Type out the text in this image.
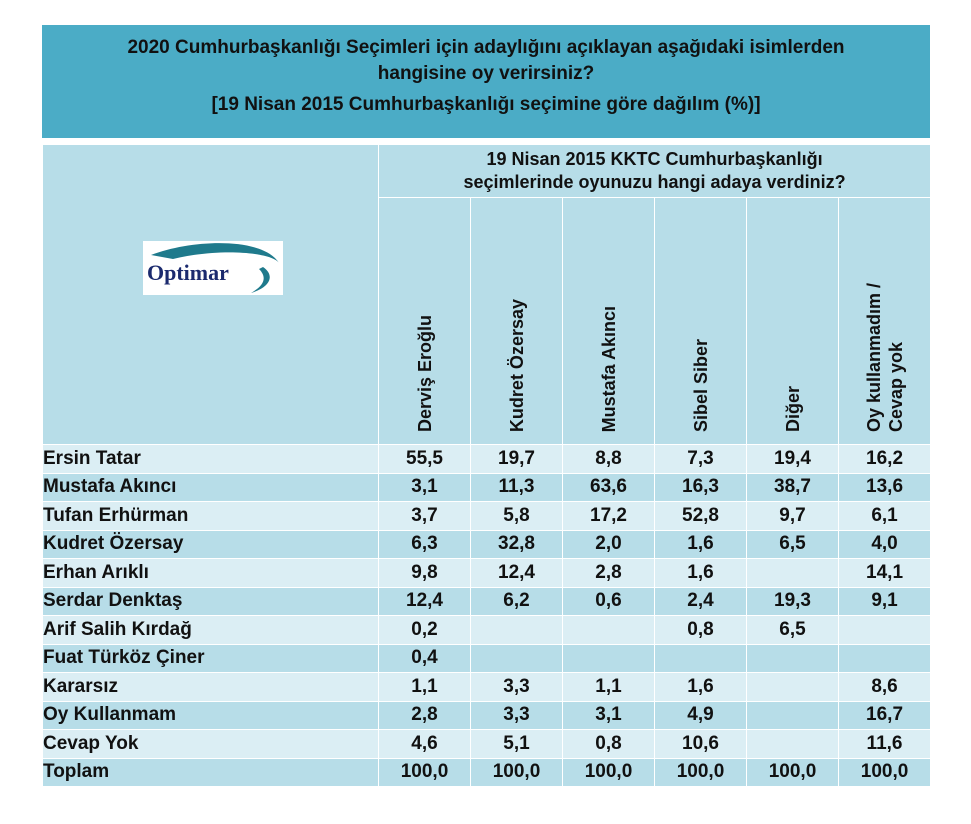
2020 Cumhurbaşkanlığı Seçimleri için adaylığını açıklayan aşağıdaki isimlerden
hangisine oy verirsiniz?
[19 Nisan 2015 Cumhurbaşkanlığı seçimine göre dağılım (%)]
Optimar	19 Nisan 2015 KKTC Cumhurbaşkanlığı
seçimlerinde oyunuzu hangi adaya verdiniz?					

	Derviş Eroğlu	Kudret Özersay	Mustafa Akıncı	Sibel Siber	Diğer	Oy kullanmadım /
Cevap yok

Ersin Tatar	55,5	19,7	8,8	7,3	19,4	16,2
Mustafa Akıncı	3,1	11,3	63,6	16,3	38,7	13,6
Tufan Erhürman	3,7	5,8	17,2	52,8	9,7	6,1
Kudret Özersay	6,3	32,8	2,0	1,6	6,5	4,0
Erhan Arıklı	9,8	12,4	2,8	1,6		14,1
Serdar Denktaş	12,4	6,2	0,6	2,4	19,3	9,1
Arif Salih Kırdağ	0,2			0,8	6,5	
Fuat Türköz Çiner	0,4					
Kararsız	1,1	3,3	1,1	1,6		8,6
Oy Kullanmam	2,8	3,3	3,1	4,9		16,7
Cevap Yok	4,6	5,1	0,8	10,6		11,6
Toplam	100,0	100,0	100,0	100,0	100,0	100,0
